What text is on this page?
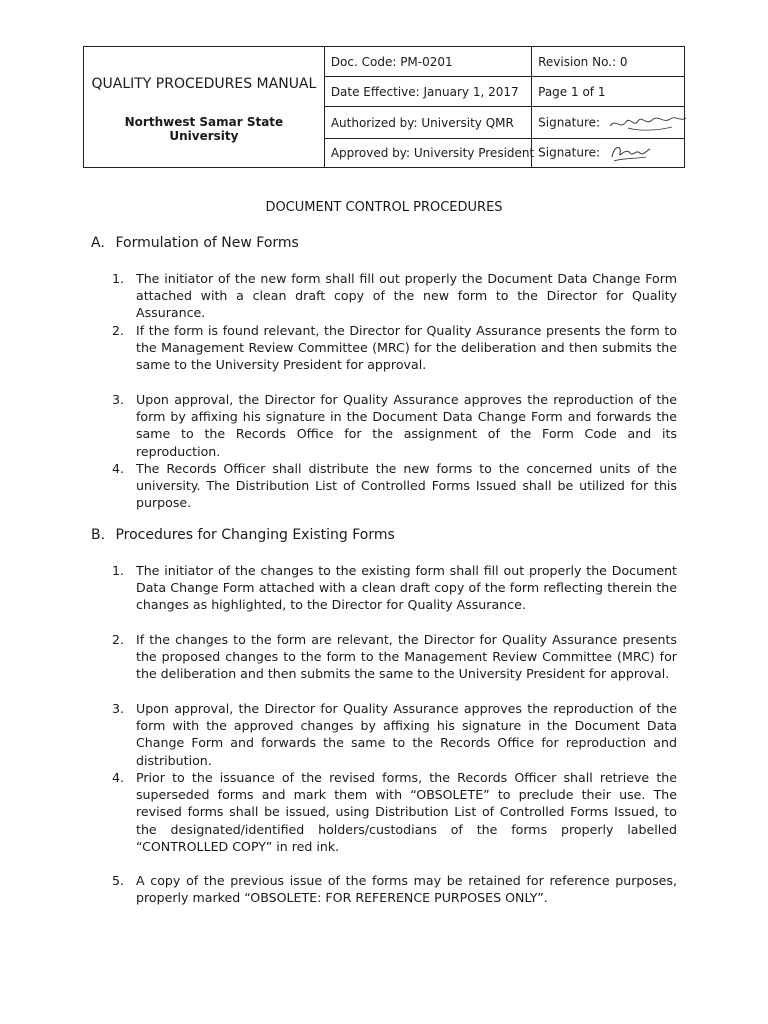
QUALITY PROCEDURES MANUAL
Northwest Samar State University	Doc. Code: PM-0201	Revision No.: 0
	Date Effective: January 1, 2017	Page 1 of 1
	Authorized by: University QMR	Signature:
	Approved by: University President	Signature:
DOCUMENT CONTROL PROCEDURES
A. Formulation of New Forms
1. The initiator of the new form shall fill out properly the Document Data Change Form attached with a clean draft copy of the new form to the Director for Quality Assurance.
2. If the form is found relevant, the Director for Quality Assurance presents the form to the Management Review Committee (MRC) for the deliberation and then submits the same to the University President for approval.
3. Upon approval, the Director for Quality Assurance approves the reproduction of the form by affixing his signature in the Document Data Change Form and forwards the same to the Records Office for the assignment of the Form Code and its reproduction.
4. The Records Officer shall distribute the new forms to the concerned units of the university. The Distribution List of Controlled Forms Issued shall be utilized for this purpose.
B. Procedures for Changing Existing Forms
1. The initiator of the changes to the existing form shall fill out properly the Document Data Change Form attached with a clean draft copy of the form reflecting therein the changes as highlighted, to the Director for Quality Assurance.
2. If the changes to the form are relevant, the Director for Quality Assurance presents the proposed changes to the form to the Management Review Committee (MRC) for the deliberation and then submits the same to the University President for approval.
3. Upon approval, the Director for Quality Assurance approves the reproduction of the form with the approved changes by affixing his signature in the Document Data Change Form and forwards the same to the Records Office for reproduction and distribution.
4. Prior to the issuance of the revised forms, the Records Officer shall retrieve the superseded forms and mark them with “OBSOLETE” to preclude their use. The revised forms shall be issued, using Distribution List of Controlled Forms Issued, to the designated/identified holders/custodians of the forms properly labelled “CONTROLLED COPY” in red ink.
5. A copy of the previous issue of the forms may be retained for reference purposes, properly marked “OBSOLETE: FOR REFERENCE PURPOSES ONLY”.
